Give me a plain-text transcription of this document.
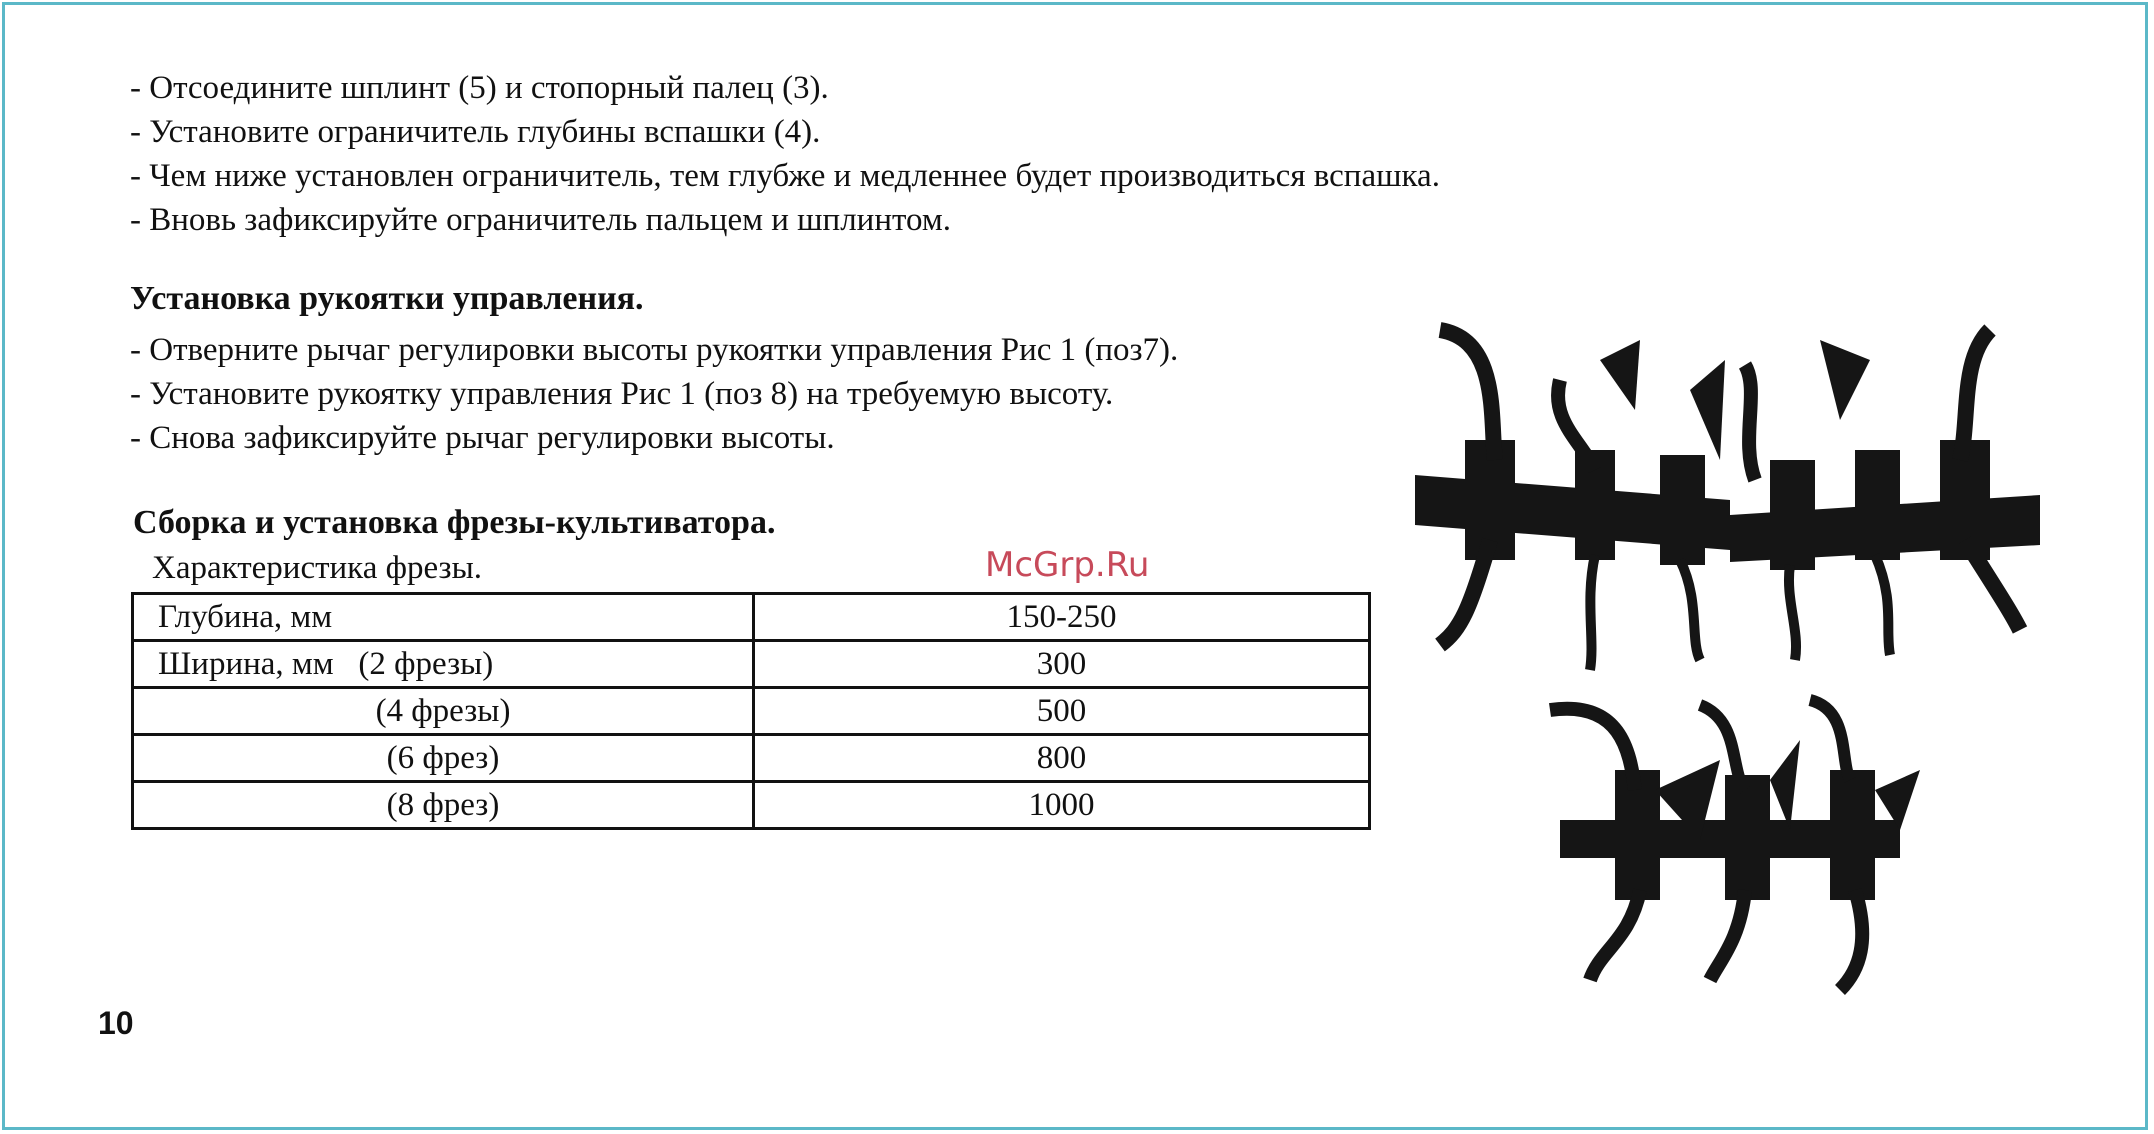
- Отсоедините шплинт (5) и стопорный палец (3).
- Установите ограничитель глубины вспашки (4).
- Чем ниже установлен ограничитель, тем глубже и медленнее будет производиться вспашка.
- Вновь зафиксируйте ограничитель пальцем и шплинтом.
Установка рукоятки управления.
- Отверните рычаг регулировки высоты рукоятки управления Рис 1 (поз7).
- Установите рукоятку управления Рис 1 (поз 8) на требуемую высоту.
- Снова зафиксируйте рычаг регулировки высоты.
Сборка и установка фрезы-культиватора.
Характеристика фрезы.
Глубина, мм	150-250
Ширина, мм   (2 фрезы)	300
(4 фрезы)	500
(6 фрез)	800
(8 фрез)	1000
McGrp.Ru
10
